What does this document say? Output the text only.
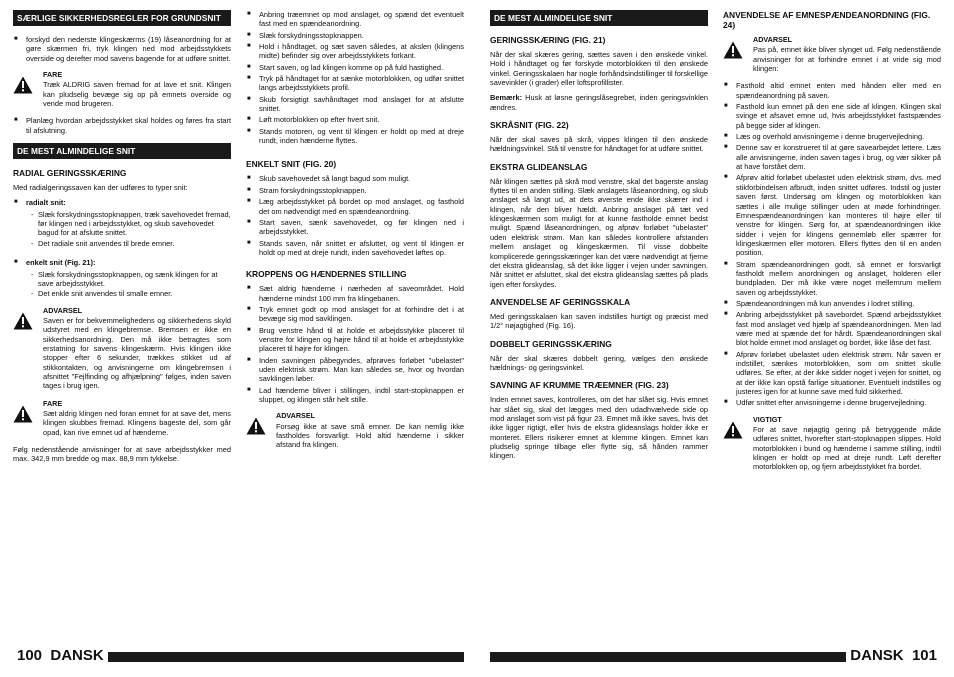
SÆRLIGE SIKKERHEDSREGLER FOR GRUNDSNIT
■ forskyd den nederste klingeskærms (19) låseanordning for at gøre skærmen fri, tryk klingen ned mod arbejdsstykkets overside og derefter mod savens bagende for at udføre snittet.
FARE
Træk ALDRIG saven fremad for at lave et snit. Klingen kan pludselig bevæge sig op på emnets overside og vende mod brugeren.
■ Planlæg hvordan arbejdsstykket skal holdes og føres fra start til afslutning.
DE MEST ALMINDELIGE SNIT
RADIAL GERINGSSKÆRING

Med radialgeringssaven kan der udføres to typer snit:

■ radialt snit:
- Slæk forskydningsstopknappen, træk savehovedet fremad, før klingen ned i arbejdsstykket, og skub savehovedet bagud for at afslutte snittet.
- Det radiale snit anvendes til brede emner.
■ enkelt snit (Fig. 21):
- Slæk forskydningsstopknappen, og sænk klingen for at save arbejdsstykket.
- Det enkle snit anvendes til smalle emner.
ADVARSEL
Saven er for bekvemmelighedens og sikkerhedens skyld udstyret med en klingebremse. Bremsen er ikke en sikkerhedsanordning. Den må ikke betragtes som erstatning for savens klingeskærm. Hvis klingen ikke stopper efter 6 sekunder, trækkes stikket ud af stikkontakten, og anvisningerne om klingebremsen i afsnittet "Fejlfinding og afhjælpning" følges, inden saven tages i brug igen.
FARE
Sæt aldrig klingen ned foran emnet for at save det, mens klingen skubbes fremad. Klingens bageste del, som går opad, kan rive emnet ud af hænderne.

Følg nedenstående anvisninger for at save arbejdsstykker med max. 342,9 mm bredde og max. 88,9 mm tykkelse.

■ Anbring træemnet op mod anslaget, og spænd det eventuelt fast med en spændeanordning.
■ Slæk forskydningsstopknappen.
■ Hold i håndtaget, og sæt saven således, at akslen (klingens midte) befinder sig over arbejdsstykkets forkant.
■ Start saven, og lad klingen komme op på fuld hastighed.
■ Tryk på håndtaget for at sænke motorblokken, og udfør snittet langs arbejdsstykkets profil.
■ Skub forsigtigt savhåndtaget mod anslaget for at afslutte snittet.
■ Løft motorblokken op efter hvert snit.
■ Stands motoren, og vent til klingen er holdt op med at dreje rundt, inden hænderne flyttes.
ENKELT SNIT (FIG. 20)
■ Skub savehovedet så langt bagud som muligt.
■ Stram forskydningsstopknappen.
■ Læg arbejdsstykket på bordet op mod anslaget, og fasthold det om nødvendigt med en spændeanordning.
■ Start saven, sænk savehovedet, og før klingen ned i arbejdsstykket.
■ Stands saven, når snittet er afsluttet, og vent til klingen er holdt op med at dreje rundt, inden savehovedet løftes op.
KROPPENS OG HÆNDERNES STILLING
■ Sæt aldrig hænderne i nærheden af saveområdet. Hold hænderne mindst 100 mm fra klingebanen.
■ Tryk emnet godt op mod anslaget for at forhindre det i at bevæge sig mod savklingen.
■ Brug venstre hånd til at holde et arbejdsstykke placeret til venstre for klingen og højre hånd til at holde et arbejdsstykke placeret til højre for klingen.
■ Inden savningen påbegyndes, afprøves forløbet "ubelastet" uden elektrisk strøm. Man kan således se, hvor og hvordan savklingen løber.
■ Lad hænderne bliver i stillingen, indtil start-stopknappen er sluppet, og klingen står helt stille.
ADVARSEL
Forsøg ikke at save små emner. De kan nemlig ikke fastholdes forsvarligt. Hold altid hænderne i sikker afstand fra klingen.
100 DANSK
DE MEST ALMINDELIGE SNIT
GERINGSSKÆRING (FIG. 21)

Når der skal skæres gering, sættes saven i den ønskede vinkel. Hold i håndtaget og før forskyde motorblokken til den ønskede vinkel. Geringsskalaen har nogle forhåndsindstillinger til forskellige savevinkler (i grader) eller loftsprofillister.

Bemærk: Husk at løsne geringslåsegrebet, inden geringsvinklen ændres.

SKRÅSNIT (FIG. 22)

Når der skal saves på skrå, vippes klingen til den ønskede hældningsvinkel. Stå til venstre for håndtaget for at udføre snittet.

EKSTRA GLIDEANSLAG

Når klingen sættes på skrå mod venstre, skal det bagerste anslag flyttes til en anden stilling. Slæk anslagets låseanordning, og skub anslaget så langt ud, at dets øverste ende ikke skærer ind i klingen, når den bliver hældt. Anbring anslaget på tæt ved klingeskærmen som muligt for at kunne fastholde emnet bedst muligt. Spænd låseanordningen, og afprøv forløbet "ubelastet" uden elektrisk strøm. Man kan således kontrollere afstanden mellem anslaget og klingeskærmen. Til visse dobbelte komplicerede geringsskæringer kan det være nødvendigt at fjerne det ekstra glideanslag, så det ikke ligger i vejen under savningen. Når snittet er afsluttet, skal det ekstra glideanslag sættes på plads igen efter forskydes.

ANVENDELSE AF GERINGSSKALA

Med geringsskalaen kan saven indstilles hurtigt og præcist med 1/2° nøjagtighed (Fig. 16).

DOBBELT GERINGSSKÆRING

Når der skal skæres dobbelt gering, vælges den ønskede hældnings- og geringsvinkel.

SAVNING AF KRUMME TRÆEMNER (FIG. 23)

Inden emnet saves, kontrolleres, om det har slået sig. Hvis emnet har slået sig, skal det lægges med den udadhvælvede side op mod anslaget som vist på figur 23. Emnet må ikke saves, hvis det ikke ligger rigtigt, eller hvis de ekstra glideanslags holder ikke er monteret. Ellers risikerer emnet at klemme klingen. Emnet kan pludselig springe tilbage eller flytte sig, så hånden rammer klingen.

ANVENDELSE AF EMNESPÆNDEANORDNING (FIG. 24)
ADVARSEL
Pas på, emnet ikke bliver slynget ud. Følg nedenstående anvisninger for at forhindre emnet i at vride sig mod klingen:
■ Fasthold altid emnet enten med hånden eller med en spændeanordning på saven.
■ Fasthold kun emnet på den ene side af klingen. Klingen skal svinge et afsavet emne ud, hvis arbejdsstykket fastspændes på begge sider af klingen.
■ Læs og overhold anvisningerne i denne brugervejledning.
■ Denne sav er konstrueret til at gøre savearbejdet lettere. Læs alle anvisningerne, inden saven tages i brug, og vær sikker på at have forstået dem.
■ Afprøv altid forløbet ubelastet uden elektrisk strøm, dvs. med stikforbindelsen afbrudt, inden snittet udføres. Indstil og juster saven først. Undersøg om klingen og motorblokken kan sættes i alle mulige stillinger uden at møde forhindringer. Emnespændeanordningen kan monteres til højre eller til venstre for klingen. Sørg for, at spændeanordningen ikke sidder i vejen for klingens gennemløb eller spærrer for klingeskærmen eller motoren. Ellers flyttes den til en anden position.
■ Stram spændeanordningen godt, så emnet er forsvarligt fastholdt mellem anordningen og anslaget, holderen eller bundpladen. Der må ikke være noget mellemrum mellem saven og arbejdsstykket.
■ Spændeanordningen må kun anvendes i lodret stilling.
■ Anbring arbejdsstykket på savebordet. Spænd arbejdsstykket fast mod anslaget ved hjælp af spændeanordningen. Men lad være med at spænde det for hårdt. Spændeanordningen skal blot holde emnet mod anslaget og bordet, ikke låse det fast.
■ Afprøv forløbet ubelastet uden elektrisk strøm. Når saven er indstillet, sænkes motorblokken, som om snittet skulle udføres. Se efter, at der ikke sidder noget i vejen for snittet, og at der ikke kan opstå farlige situationer. Eventuelt indstilles og justeres igen for at kunne save med fuld sikkerhed.
■ Udfør snittet efter anvisningerne i denne brugervejledning.
VIGTIGT
For at save nøjagtig gering på betryggende måde udføres snittet, hvorefter start-stopknappen slippes. Hold motorblokken i bund og hænderne i samme stilling, indtil klingen er holdt op med at dreje rundt. Løft derefter motorblokken op, og fjern arbejdsstykket fra bordet.
DANSK 101
